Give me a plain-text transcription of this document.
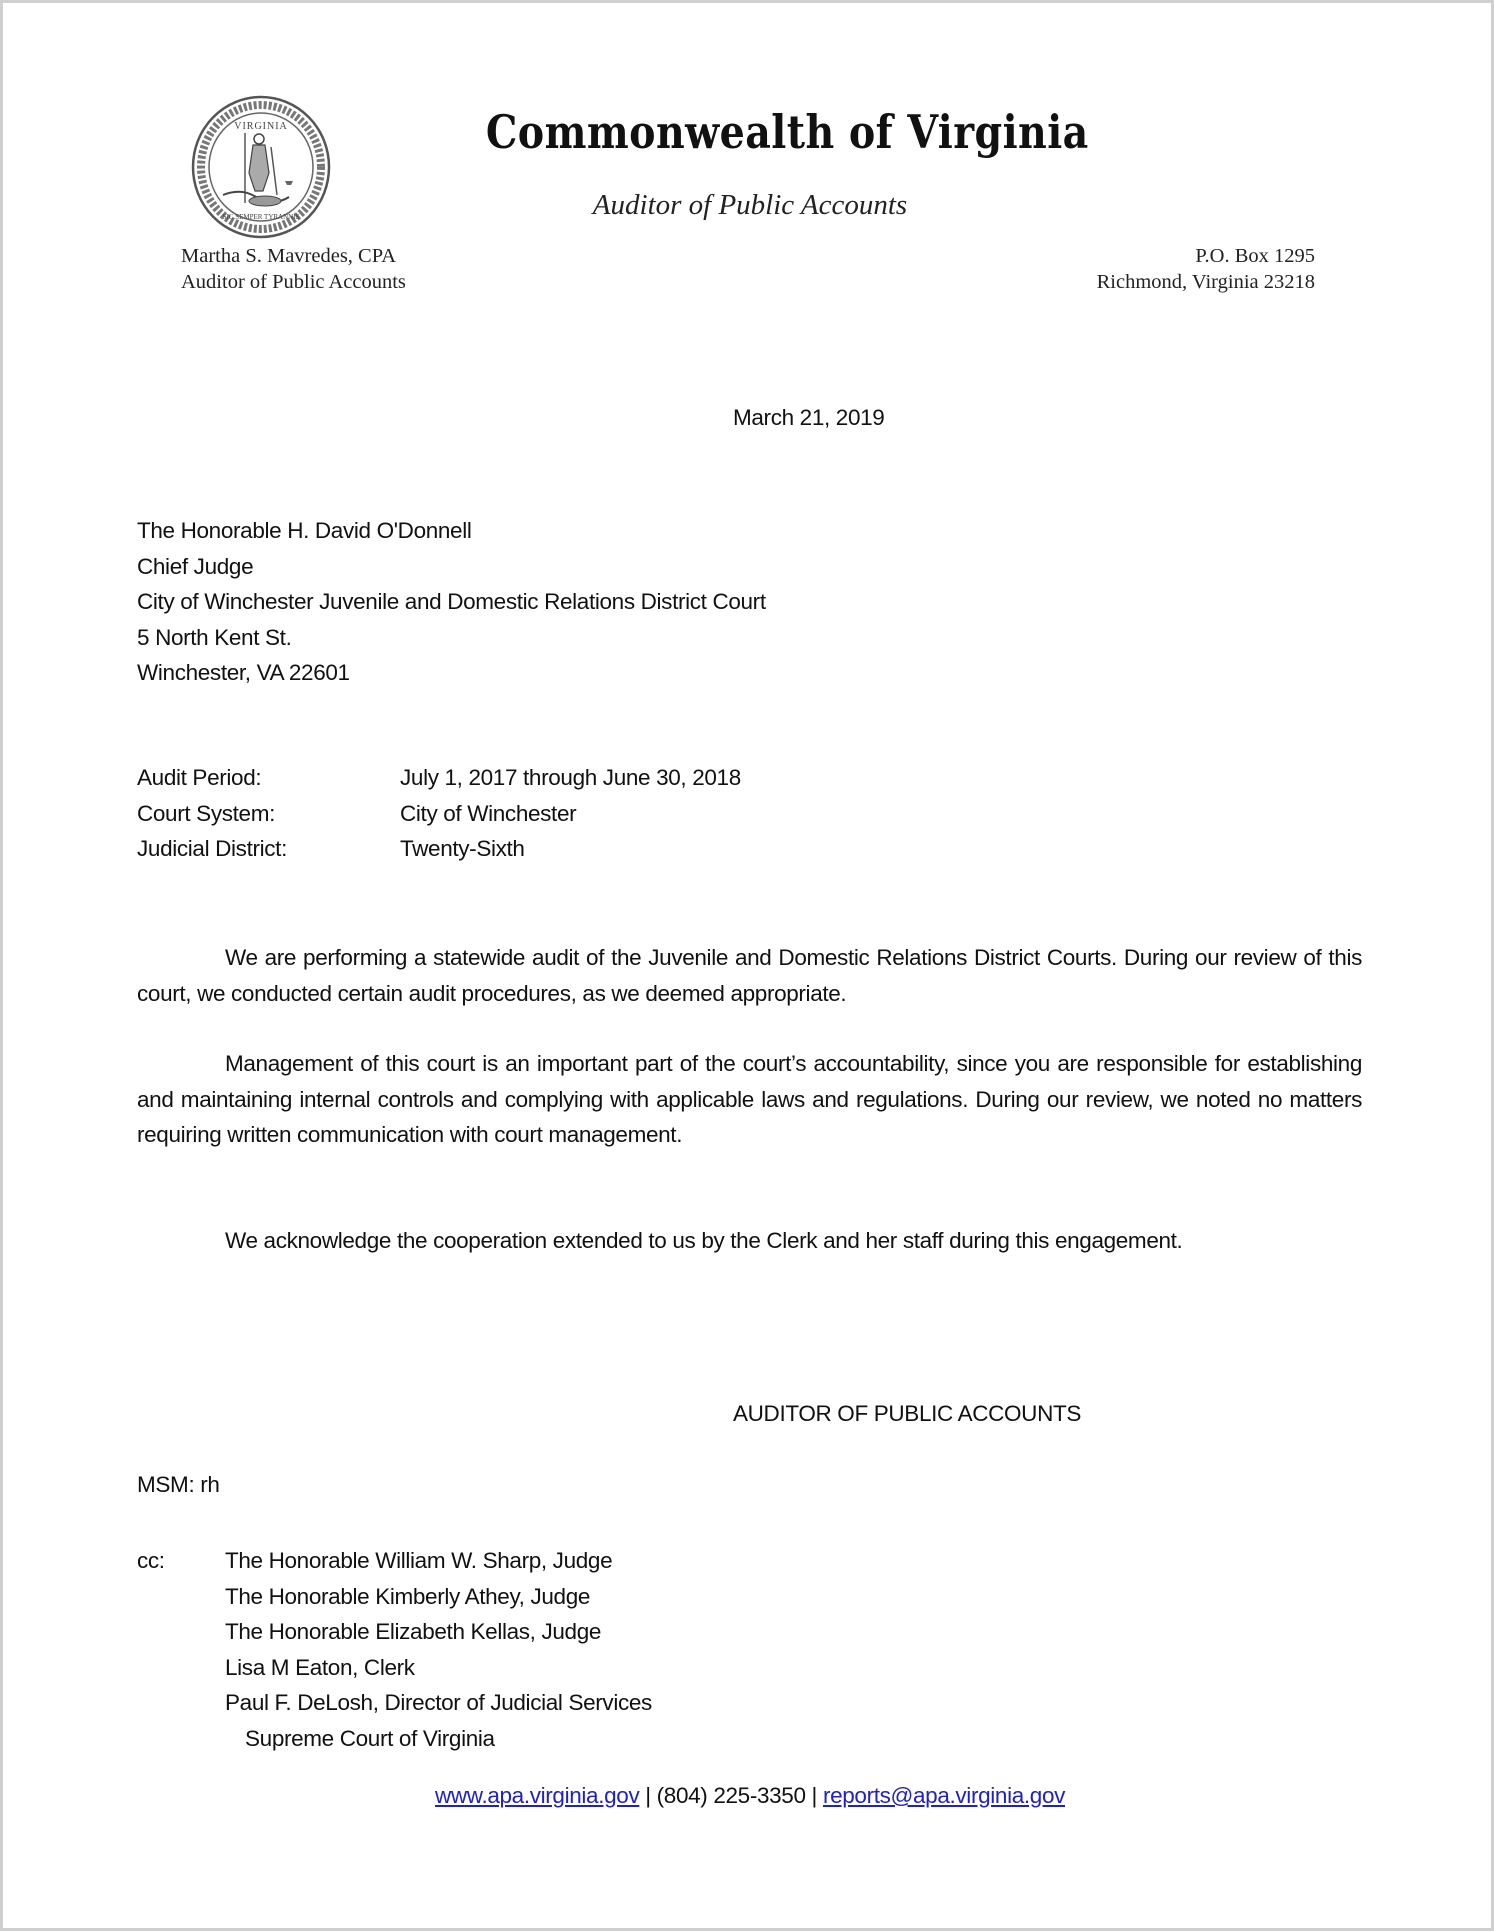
VIRGINIA
SIC SEMPER TYRANNIS
Commonwealth of Virginia
Auditor of Public Accounts
Martha S. Mavredes, CPA
Auditor of Public Accounts
P.O. Box 1295
Richmond, Virginia 23218
March 21, 2019
The Honorable H. David O'Donnell
Chief Judge
City of Winchester Juvenile and Domestic Relations District Court
5 North Kent St.
Winchester, VA 22601
Audit Period:	July 1, 2017 through June 30, 2018
Court System:	City of Winchester
Judicial District:	Twenty-Sixth
We are performing a statewide audit of the Juvenile and Domestic Relations District Courts. During our review of this court, we conducted certain audit procedures, as we deemed appropriate.
Management of this court is an important part of the court’s accountability, since you are responsible for establishing and maintaining internal controls and complying with applicable laws and regulations. During our review, we noted no matters requiring written communication with court management.
We acknowledge the cooperation extended to us by the Clerk and her staff during this engagement.
AUDITOR OF PUBLIC ACCOUNTS
MSM: rh
cc:	The Honorable William W. Sharp, Judge
The Honorable Kimberly Athey, Judge
The Honorable Elizabeth Kellas, Judge
Lisa M Eaton, Clerk
Paul F. DeLosh, Director of Judicial Services
Supreme Court of Virginia
www.apa.virginia.gov | (804) 225-3350 | reports@apa.virginia.gov
